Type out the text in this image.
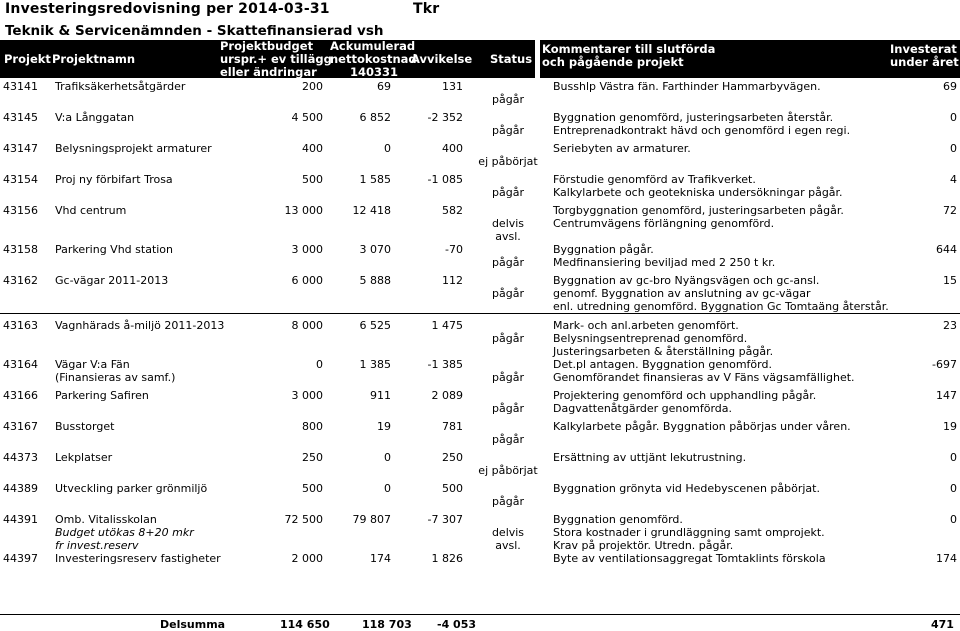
Investeringsredovisning per 2014-03-31	Tkr
Teknik & Servicenämnden - Skattefinansierad vsh
Projekt Projektnamn
Projektbudget
urspr.+ ev tillägg
eller ändringar
Ackumulerad
nettokostnad
140331
Avvikelse Status
Kommentarer till slutförda
och pågående projekt
Investerat
under året
43141	Trafiksäkerhetsåtgärder	200	69	131		Busshlp Västra fän. Farthinder Hammarbyvägen.	69
					pågår		

43145	V:a Långgatan	4 500	6 852	-2 352		Byggnation genomförd, justeringsarbeten återstår.	0
					pågår	Entreprenadkontrakt hävd och genomförd i egen regi.	

43147	Belysningsprojekt armaturer	400	0	400		Seriebyten av armaturer.	0
					ej påbörjat		

43154	Proj ny förbifart Trosa	500	1 585	-1 085		Förstudie genomförd av Trafikverket.	4
					pågår	Kalkylarbete och geotekniska undersökningar pågår.	

43156	Vhd centrum	13 000	12 418	582		Torgbyggnation genomförd, justeringsarbeten pågår.	72
					delvis	Centrumvägens förlängning genomförd.	
					avsl.		
43158	Parkering Vhd station	3 000	3 070	-70		Byggnation pågår.	644
					pågår	Medfinansiering beviljad med 2 250 t kr.	

43162	Gc-vägar 2011-2013	6 000	5 888	112		Byggnation av gc-bro Nyängsvägen och gc-ansl.	15
					pågår	genomf. Byggnation av anslutning av gc-vägar	
						enl. utredning genomförd. Byggnation Gc Tomtaäng återstår.	

43163	Vagnhärads å-miljö 2011-2013	8 000	6 525	1 475		Mark- och anl.arbeten genomfört.	23
					pågår	Belysningsentreprenad genomförd.	
						Justeringsarbeten & återställning pågår.	
43164	Vägar V:a Fän	0	1 385	-1 385		Det.pl antagen. Byggnation genomförd.	-697
	(Finansieras av samf.)				pågår	Genomförandet finansieras av V Fäns vägsamfällighet.	

43166	Parkering Safiren	3 000	911	2 089		Projektering genomförd och upphandling pågår.	147
					pågår	Dagvattenåtgärder genomförda.	

43167	Busstorget	800	19	781		Kalkylarbete pågår. Byggnation påbörjas under våren.	19
					pågår		

44373	Lekplatser	250	0	250		Ersättning av uttjänt lekutrustning.	0
					ej påbörjat		

44389	Utveckling parker grönmiljö	500	0	500		Byggnation grönyta vid Hedebyscenen påbörjat.	0
					pågår		

44391	Omb. Vitalisskolan	72 500	79 807	-7 307		Byggnation genomförd.	0
	Budget utökas 8+20 mkr				delvis	Stora kostnader i grundläggning samt omprojekt.	
	fr invest.reserv				avsl.	Krav på projektör. Utredn. pågår.	
44397	Investeringsreserv fastigheter	2 000	174	1 826		Byte av ventilationsaggregat Tomtaklints förskola	174
Delsumma	114 650	118 703 -4 053	471
